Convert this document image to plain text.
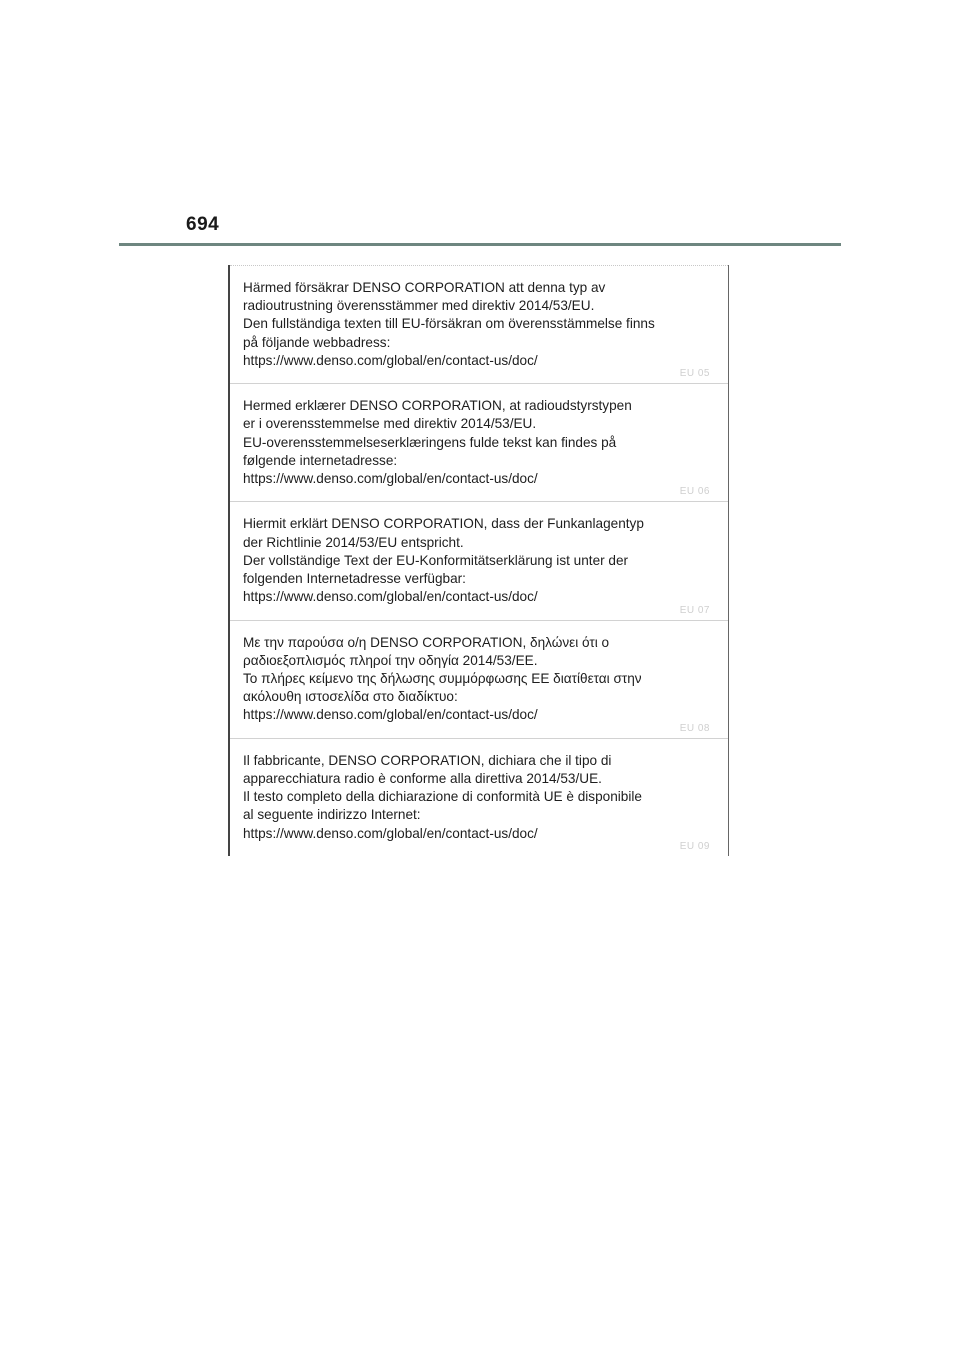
694
Härmed försäkrar DENSO CORPORATION att denna typ av
radioutrustning överensstämmer med direktiv 2014/53/EU.
Den fullständiga texten till EU-försäkran om överensstämmelse finns
på följande webbadress:
https://www.denso.com/global/en/contact-us/doc/
EU 05
Hermed erklærer DENSO CORPORATION, at radioudstyrstypen
er i overensstemmelse med direktiv 2014/53/EU.
EU-overensstemmelseserklæringens fulde tekst kan findes på
følgende internetadresse:
https://www.denso.com/global/en/contact-us/doc/
EU 06
Hiermit erklärt DENSO CORPORATION, dass der Funkanlagentyp
der Richtlinie 2014/53/EU entspricht.
Der vollständige Text der EU-Konformitätserklärung ist unter der
folgenden Internetadresse verfügbar:
https://www.denso.com/global/en/contact-us/doc/
EU 07
Με την παρούσα ο/η DENSO CORPORATION, δηλώνει ότι ο
ραδιοεξοπλισμός πληροί την οδηγία 2014/53/ΕΕ.
Το πλήρες κείμενο της δήλωσης συμμόρφωσης ΕΕ διατίθεται στην
ακόλουθη ιστοσελίδα στο διαδίκτυο:
https://www.denso.com/global/en/contact-us/doc/
EU 08
Il fabbricante, DENSO CORPORATION, dichiara che il tipo di
apparecchiatura radio è conforme alla direttiva 2014/53/UE.
Il testo completo della dichiarazione di conformità UE è disponibile
al seguente indirizzo Internet:
https://www.denso.com/global/en/contact-us/doc/
EU 09
